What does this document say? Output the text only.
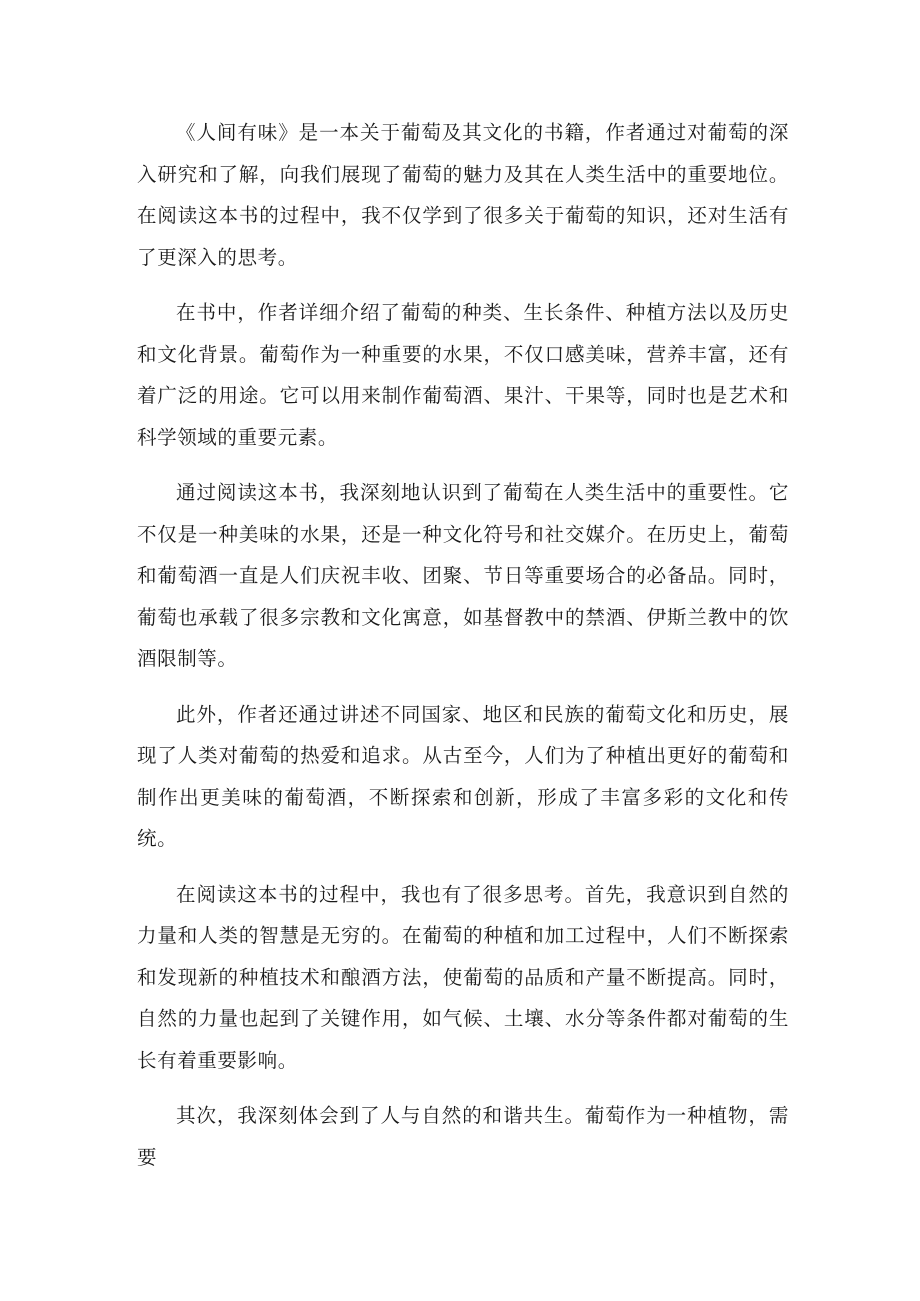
《人间有味》是一本关于葡萄及其文化的书籍，作者通过对葡萄的深入研究和了解，向我们展现了葡萄的魅力及其在人类生活中的重要地位。在阅读这本书的过程中，我不仅学到了很多关于葡萄的知识，还对生活有了更深入的思考。

在书中，作者详细介绍了葡萄的种类、生长条件、种植方法以及历史和文化背景。葡萄作为一种重要的水果，不仅口感美味，营养丰富，还有着广泛的用途。它可以用来制作葡萄酒、果汁、干果等，同时也是艺术和科学领域的重要元素。

通过阅读这本书，我深刻地认识到了葡萄在人类生活中的重要性。它不仅是一种美味的水果，还是一种文化符号和社交媒介。在历史上，葡萄和葡萄酒一直是人们庆祝丰收、团聚、节日等重要场合的必备品。同时，葡萄也承载了很多宗教和文化寓意，如基督教中的禁酒、伊斯兰教中的饮酒限制等。

此外，作者还通过讲述不同国家、地区和民族的葡萄文化和历史，展现了人类对葡萄的热爱和追求。从古至今，人们为了种植出更好的葡萄和制作出更美味的葡萄酒，不断探索和创新，形成了丰富多彩的文化和传统。

在阅读这本书的过程中，我也有了很多思考。首先，我意识到自然的力量和人类的智慧是无穷的。在葡萄的种植和加工过程中，人们不断探索和发现新的种植技术和酿酒方法，使葡萄的品质和产量不断提高。同时，自然的力量也起到了关键作用，如气候、土壤、水分等条件都对葡萄的生长有着重要影响。

其次，我深刻体会到了人与自然的和谐共生。葡萄作为一种植物，需要
